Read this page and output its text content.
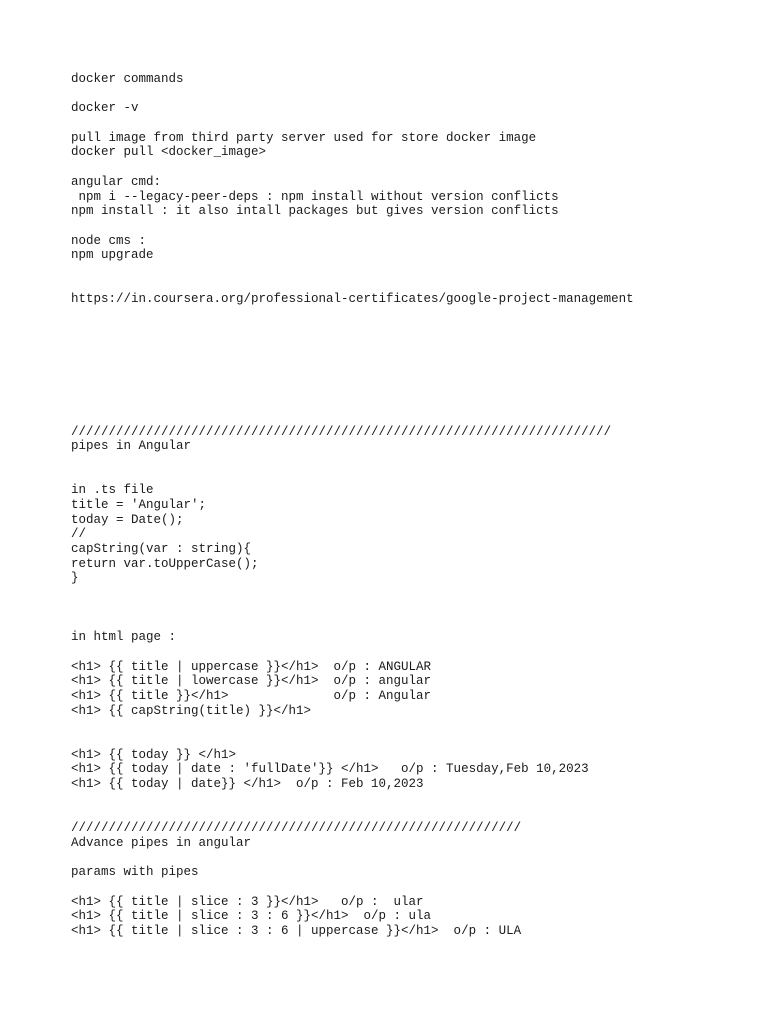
docker commands
docker -v
pull image from third party server used for store docker image
docker pull <docker_image>
angular cmd:
npm i --legacy-peer-deps : npm install without version conflicts
npm install : it also intall packages but gives version conflicts
node cms :
npm upgrade
https://in.coursera.org/professional-certificates/google-project-management
////////////////////////////////////////////////////////////////////////
pipes in Angular
in .ts file
title = 'Angular';
today = Date();
//
capString(var : string){
return var.toUpperCase();
}
in html page :
<h1> {{ title | uppercase }}</h1>  o/p : ANGULAR
<h1> {{ title | lowercase }}</h1>  o/p : angular
<h1> {{ title }}</h1>              o/p : Angular
<h1> {{ capString(title) }}</h1>
<h1> {{ today }} </h1>
<h1> {{ today | date : 'fullDate'}} </h1>   o/p : Tuesday,Feb 10,2023
<h1> {{ today | date}} </h1>  o/p : Feb 10,2023
////////////////////////////////////////////////////////////
Advance pipes in angular
params with pipes
<h1> {{ title | slice : 3 }}</h1>   o/p :  ular
<h1> {{ title | slice : 3 : 6 }}</h1>  o/p : ula
<h1> {{ title | slice : 3 : 6 | uppercase }}</h1>  o/p : ULA
